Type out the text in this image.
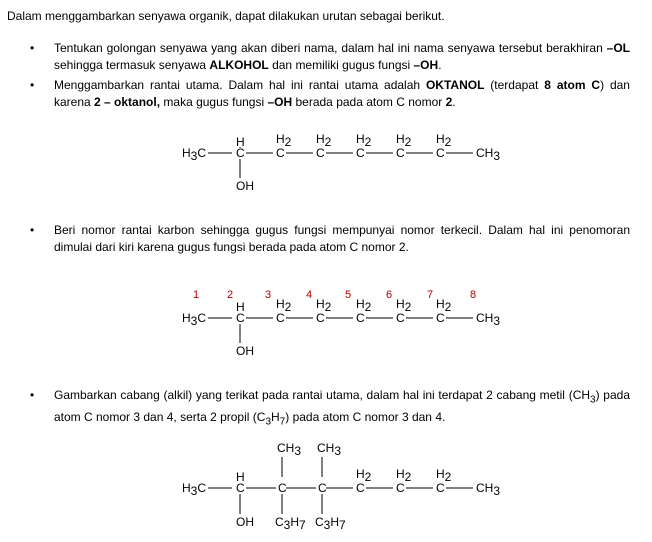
Dalam menggambarkan senyawa organik, dapat dilakukan urutan sebagai berikut.
•	Tentukan golongan senyawa yang akan diberi nama, dalam hal ini nama senyawa tersebut berakhiran –OL sehingga termasuk senyawa ALKOHOL dan memiliki gugus fungsi –OH.
•	Menggambarkan rantai utama. Dalam hal ini rantai utama adalah OKTANOL (terdapat 8 atom C) dan karena 2 – oktanol, maka gugus fungsi –OH berada pada atom C nomor 2.
H3C
H
C
OH
H2
C
H2
C
H2
C
H2
C
H2
C	CH3
•	Beri nomor rantai karbon sehingga gugus fungsi mempunyai nomor terkecil. Dalam hal ini penomoran dimulai dari kiri karena gugus fungsi berada pada atom C nomor 2.
1	2	3	4	5	6	7	8
H3C
H
C
OH
H2
C
H2
C
H2
C
H2
C
H2
C	CH3
•	Gambarkan cabang (alkil) yang terikat pada rantai utama, dalam hal ini terdapat 2 cabang metil $(CH_3)$ pada atom C nomor 3 dan 4, serta 2 propil $(C_3H_7)$ pada atom C nomor 3 dan 4.
CH3 CH3
H3C
H
C
OH
C	C
C3H7 C3H7
H2
C
H2
C
H2
C	CH3
